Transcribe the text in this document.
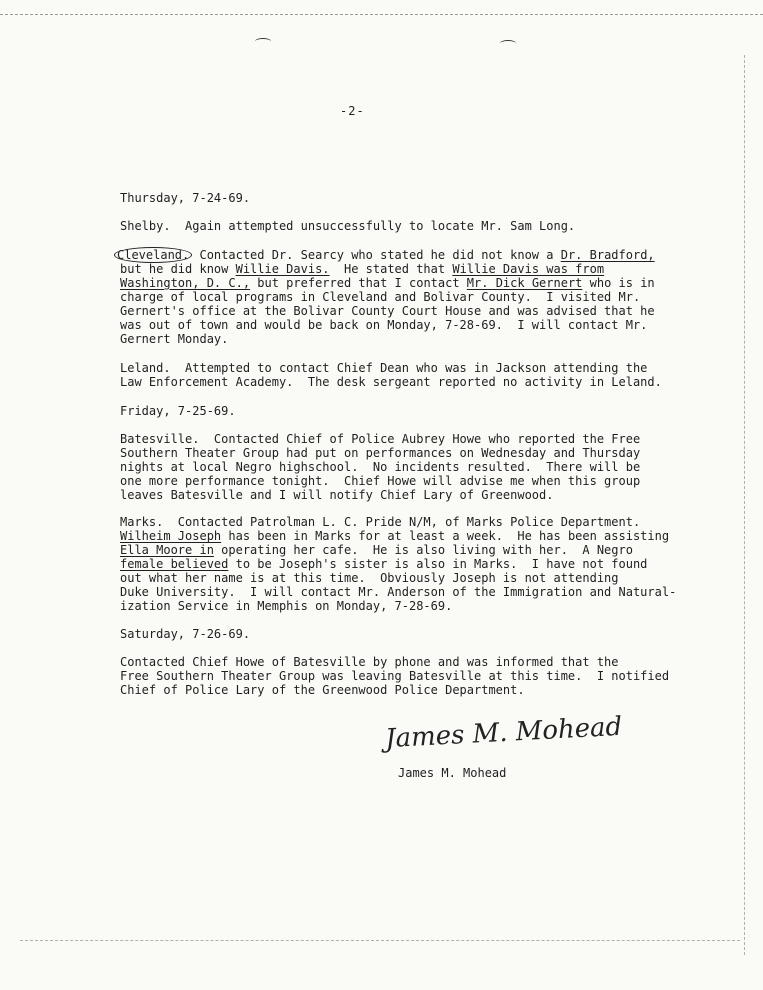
-2-
Thursday, 7-24-69.
Shelby.  Again attempted unsuccessfully to locate Mr. Sam Long.
Cleveland. Contacted Dr. Searcy who stated he did not know a Dr. Bradford,
but he did know Willie Davis.  He stated that Willie Davis was from
Washington, D. C., but preferred that I contact Mr. Dick Gernert who is in
charge of local programs in Cleveland and Bolivar County.  I visited Mr.
Gernert's office at the Bolivar County Court House and was advised that he
was out of town and would be back on Monday, 7-28-69.  I will contact Mr.
Gernert Monday.
Leland.  Attempted to contact Chief Dean who was in Jackson attending the
Law Enforcement Academy.  The desk sergeant reported no activity in Leland.
Friday, 7-25-69.
Batesville.  Contacted Chief of Police Aubrey Howe who reported the Free
Southern Theater Group had put on performances on Wednesday and Thursday
nights at local Negro highschool.  No incidents resulted.  There will be
one more performance tonight.  Chief Howe will advise me when this group
leaves Batesville and I will notify Chief Lary of Greenwood.
Marks.  Contacted Patrolman L. C. Pride N/M, of Marks Police Department.
Wilheim Joseph has been in Marks for at least a week.  He has been assisting
Ella Moore in operating her cafe.  He is also living with her.  A Negro
female believed to be Joseph's sister is also in Marks.  I have not found
out what her name is at this time.  Obviously Joseph is not attending
Duke University.  I will contact Mr. Anderson of the Immigration and Natural-
ization Service in Memphis on Monday, 7-28-69.
Saturday, 7-26-69.
Contacted Chief Howe of Batesville by phone and was informed that the
Free Southern Theater Group was leaving Batesville at this time.  I notified
Chief of Police Lary of the Greenwood Police Department.
James M. Mohead
James M. Mohead
